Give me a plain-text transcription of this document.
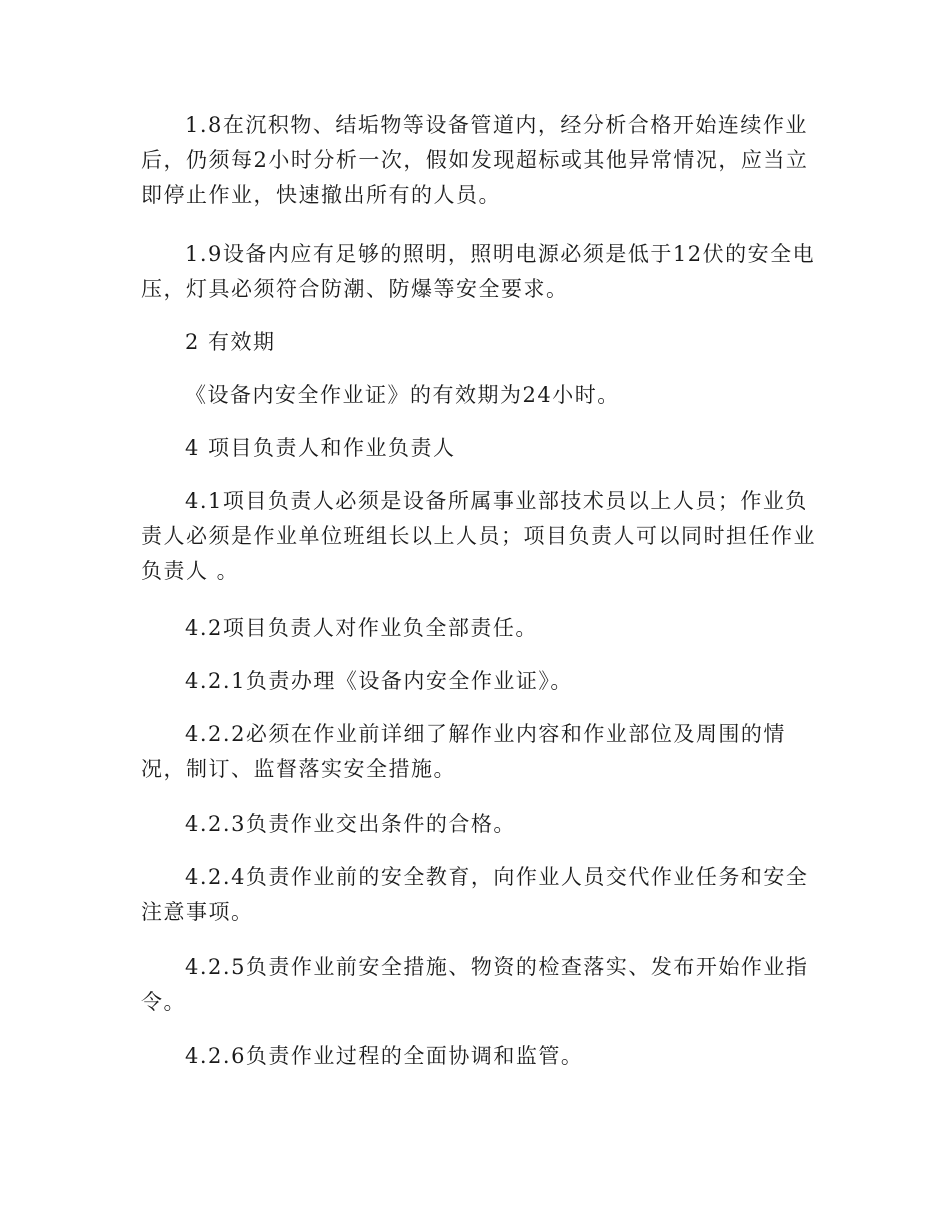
1.8在沉积物、结垢物等设备管道内，经分析合格开始连续作业后，仍须每2小时分析一次，假如发现超标或其他异常情况，应当立即停止作业，快速撤出所有的人员。

1.9设备内应有足够的照明，照明电源必须是低于12伏的安全电压，灯具必须符合防潮、防爆等安全要求。

2 有效期

《设备内安全作业证》的有效期为24小时。

4 项目负责人和作业负责人

4.1项目负责人必须是设备所属事业部技术员以上人员；作业负责人必须是作业单位班组长以上人员；项目负责人可以同时担任作业负责人 。

4.2项目负责人对作业负全部责任。

4.2.1负责办理《设备内安全作业证》。

4.2.2必须在作业前详细了解作业内容和作业部位及周围的情况，制订、监督落实安全措施。

4.2.3负责作业交出条件的合格。

4.2.4负责作业前的安全教育，向作业人员交代作业任务和安全注意事项。

4.2.5负责作业前安全措施、物资的检查落实、发布开始作业指令。

4.2.6负责作业过程的全面协调和监管。
